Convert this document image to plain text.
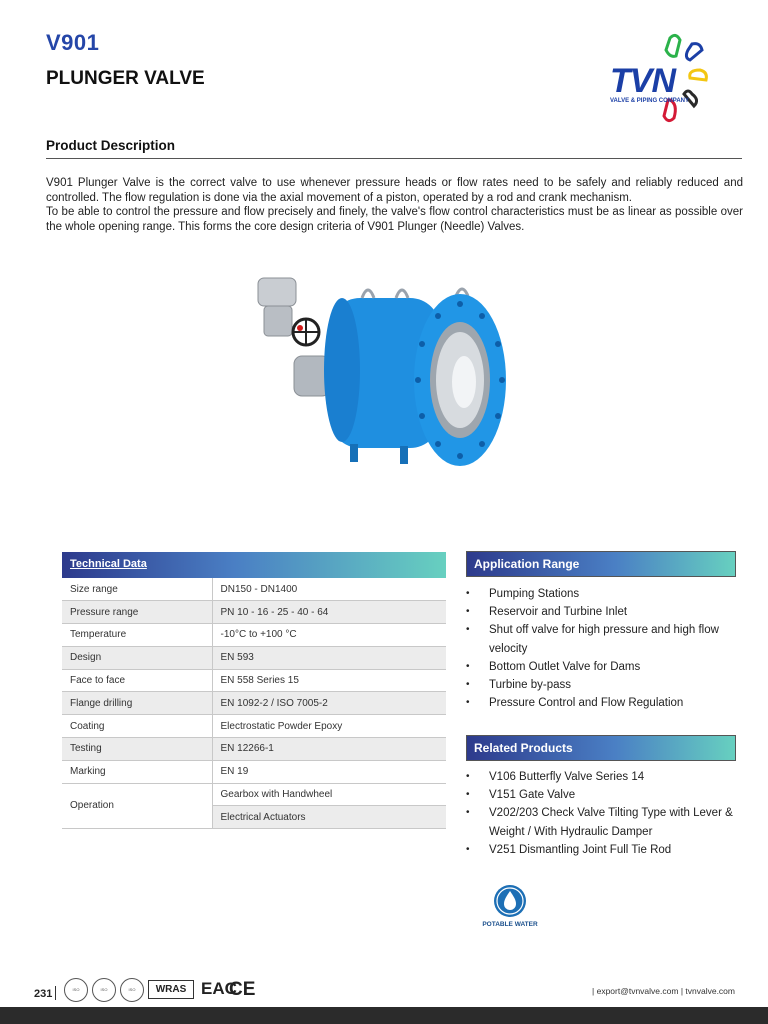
V901
PLUNGER VALVE	TVN
VALVE & PIPING COMPANY
Product Description

V901 Plunger Valve is the correct valve to use whenever pressure heads or flow rates need to be safely and reliably reduced and controlled. The flow regulation is done via the axial movement of a piston, operated by a rod and crank mechanism.

To be able to control the pressure and flow precisely and finely, the valve's flow control characteristics must be as linear as possible over the whole opening range. This forms the core design criteria of V901 Plunger (Needle) Valves.

Technical Data
Size range	DN150 - DN1400
Pressure range	PN 10 - 16 - 25 - 40 - 64
Temperature	-10°C to +100 °C
Design	EN 593
Face to face	EN 558 Series 15
Flange drilling	EN 1092-2 / ISO 7005-2
Coating	Electrostatic Powder Epoxy
Testing	EN 12266-1
Marking	EN 19
Operation	Gearbox with Handwheel
	Electrical Actuators
Application Range
• Pumping Stations
• Reservoir and Turbine Inlet
• Shut off valve for high pressure and high flow velocity
• Bottom Outlet Valve for Dams
• Turbine by-pass
• Pressure Control and Flow Regulation
Related Products
• V106 Butterfly Valve Series 14
• V151 Gate Valve
• V202/203 Check Valve Tilting Type with Lever & Weight / With Hydraulic Damper
• V251 Dismantling Joint Full Tie Rod
POTABLE WATER
231	ISO	ISO	ISO	WRAS EAC
CE	| export@tvnvalve.com | tvnvalve.com
